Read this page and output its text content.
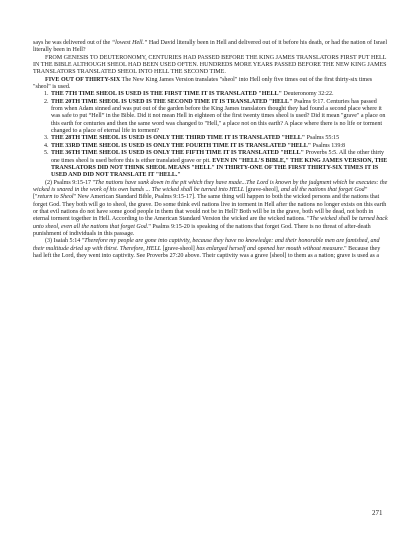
says he was delivered out of the “lowest Hell.” Had David literally been in Hell and delivered out of it before his death, or had the nation of Israel literally been in Hell?

FROM GENESIS TO DEUTERONOMY, CENTURIES HAD PASSED BEFORE THE KING JAMES TRANSLATORS FIRST PUT HELL IN THE BIBLE ALTHOUGH SHEOL HAD BEEN USED OFTEN. HUNDREDS MORE YEARS PASSED BEFORE THE NEW KING JAMES TRANSLATORS TRANSLATED SHEOL INTO HELL THE SECOND TIME.

FIVE OUT OF THIRTY-SIX The New King James Version translates "sheol" into Hell only five times out of the first thirty-six times "sheol" is used.

1. THE 7TH TIME SHEOL IS USED IS THE FIRST TIME IT IS TRANSLATED "HELL" Deuteronomy 32:22.
2. THE 20TH TIME SHEOL IS USED IS THE SECOND TIME IT IS TRANSLATED "HELL" Psalms 9:17. Centuries has passed from when Adam sinned and was put out of the garden before the King James translators thought they had found a second place where it was safe to put “Hell” in the Bible. Did it not mean Hell in eighteen of the first twenty times sheol is used? Did it mean "grave" a place on this earth for centuries and then the same word was changed to "Hell," a place not on this earth? A place where there is no life or torment changed to a place of eternal life in torment?
3. THE 28TH TIME SHEOL IS USED IS ONLY THE THIRD TIME IT IS TRANSLATED "HELL" Psalms 55:15
4. THE 33RD TIME SHEOL IS USED IS ONLY THE FOURTH TIME IT IS TRANSLATED "HELL" Psalms 139:8
5. THE 36TH TIME SHEOL IS USED IS ONLY THE FIFTH TIME IT IS TRANSLATED "HELL" Proverbs 5:5. All the other thirty one times sheol is used before this is either translated grave or pit. EVEN IN "HELL'S BIBLE," THE KING JAMES VERSION, THE TRANSLATORS DID NOT THINK SHEOL MEANS "HELL" IN THIRTY-ONE OF THE FIRST THIRTY-SIX TIMES IT IS USED AND DID NOT TRANSLATE IT "HELL."

(2) Psalms 9:15-17 "The nations have sunk down in the pit which they have made...The Lord is known by the judgment which he executes: the wicked is snared in the work of his own hands ... The wicked shall be turned into HELL [grave-sheol], and all the nations that forget God" ["return to Sheol" New American Standard Bible, Psalms 9:15-17]. The same thing will happen to both the wicked persons and the nations that forget God. They both will go to sheol, the grave. Do some think evil nations live in torment in Hell after the nations no longer exists on this earth or that evil nations do not have some good people in them that would not be in Hell? Both will be in the grave, both will be dead, not both in eternal torment together in Hell. According to the American Standard Version the wicked are the wicked nations. "The wicked shall be turned back unto sheol, even all the nations that forget God." Psalms 9:15-20 is speaking of the nations that forget God. There is no threat of after-death punishment of individuals in this passage.

(3) Isaiah 5:14 "Therefore my people are gone into captivity, because they have no knowledge: and their honorable men are famished, and their multitude dried up with thirst. Therefore, HELL [grave-sheol] has enlarged herself and opened her mouth without measure." Because they had left the Lord, they went into captivity. See Proverbs 27:20 above. Their captivity was a grave [sheol] to them as a nation; grave is used as a

271
